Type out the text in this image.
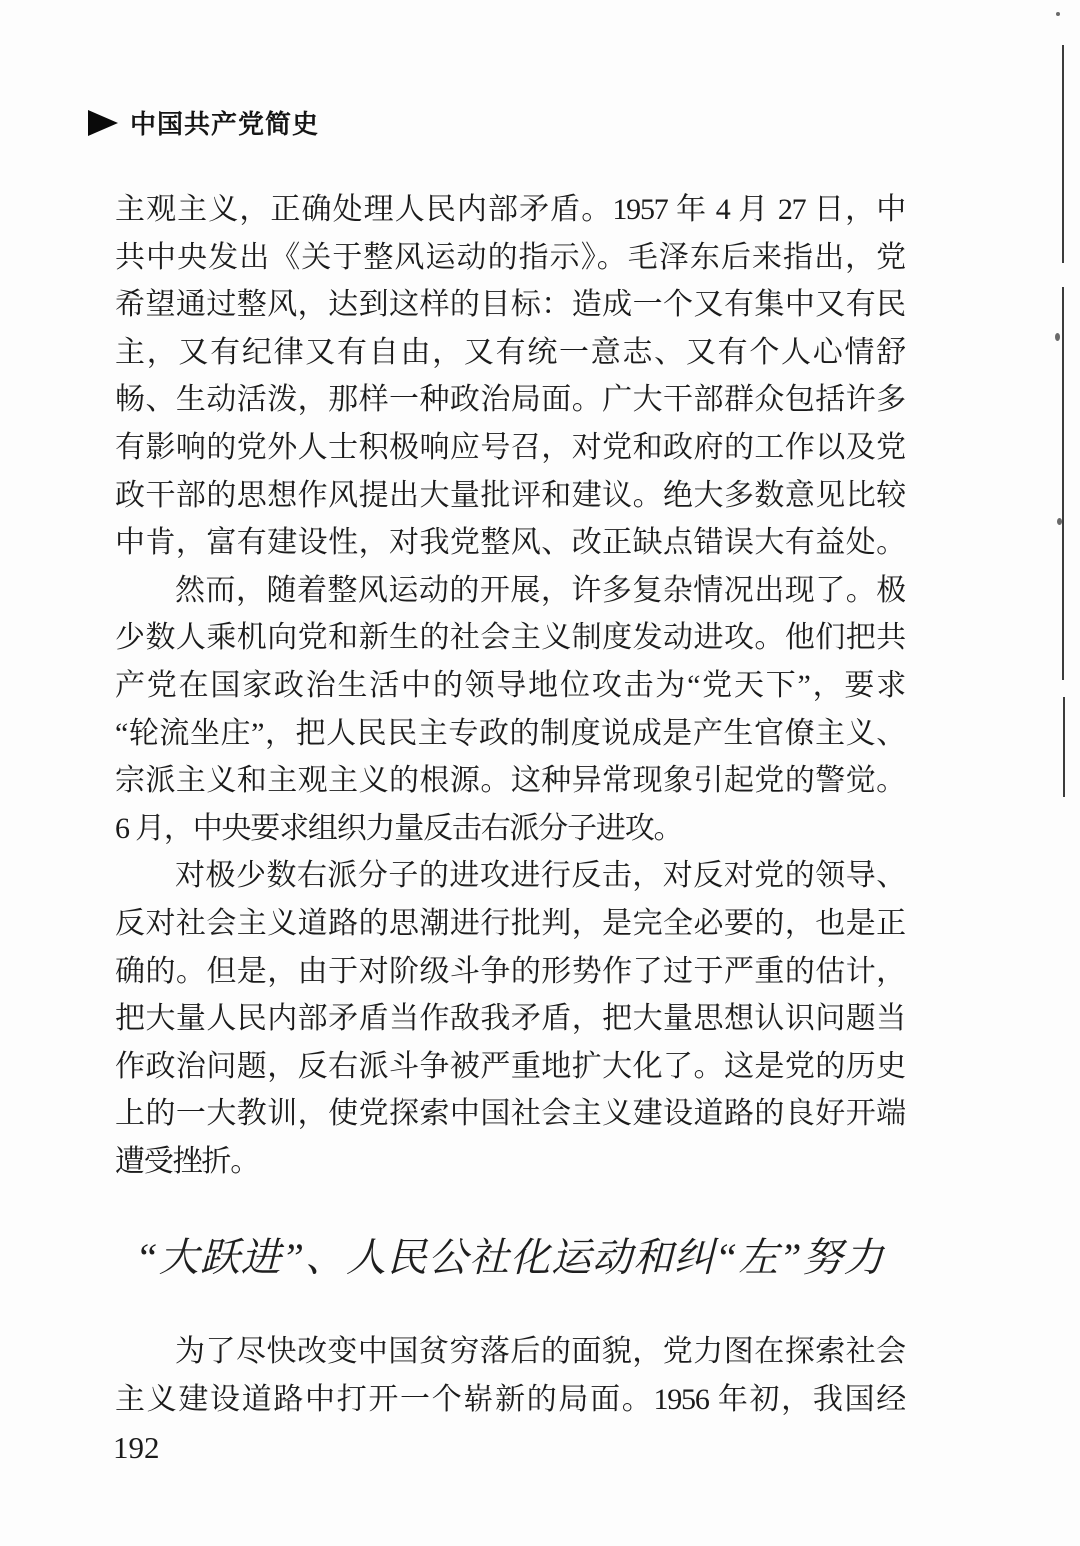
中国共产党简史
主观主义，正确处理人民内部矛盾。1957 年 4 月 27 日，中
共中央发出《关于整风运动的指示》。毛泽东后来指出，党
希望通过整风，达到这样的目标：造成一个又有集中又有民
主，又有纪律又有自由，又有统一意志、又有个人心情舒
畅、生动活泼，那样一种政治局面。广大干部群众包括许多
有影响的党外人士积极响应号召，对党和政府的工作以及党
政干部的思想作风提出大量批评和建议。绝大多数意见比较
中肯，富有建设性，对我党整风、改正缺点错误大有益处。
然而，随着整风运动的开展，许多复杂情况出现了。极
少数人乘机向党和新生的社会主义制度发动进攻。他们把共
产党在国家政治生活中的领导地位攻击为“党天下”，要求
“轮流坐庄”，把人民民主专政的制度说成是产生官僚主义、
宗派主义和主观主义的根源。这种异常现象引起党的警觉。
6 月，中央要求组织力量反击右派分子进攻。
对极少数右派分子的进攻进行反击，对反对党的领导、
反对社会主义道路的思潮进行批判，是完全必要的，也是正
确的。但是，由于对阶级斗争的形势作了过于严重的估计，
把大量人民内部矛盾当作敌我矛盾，把大量思想认识问题当
作政治问题，反右派斗争被严重地扩大化了。这是党的历史
上的一大教训，使党探索中国社会主义建设道路的良好开端
遭受挫折。
“大跃进”、人民公社化运动和纠“左”努力
为了尽快改变中国贫穷落后的面貌，党力图在探索社会
主义建设道路中打开一个崭新的局面。1956 年初，我国经
192
